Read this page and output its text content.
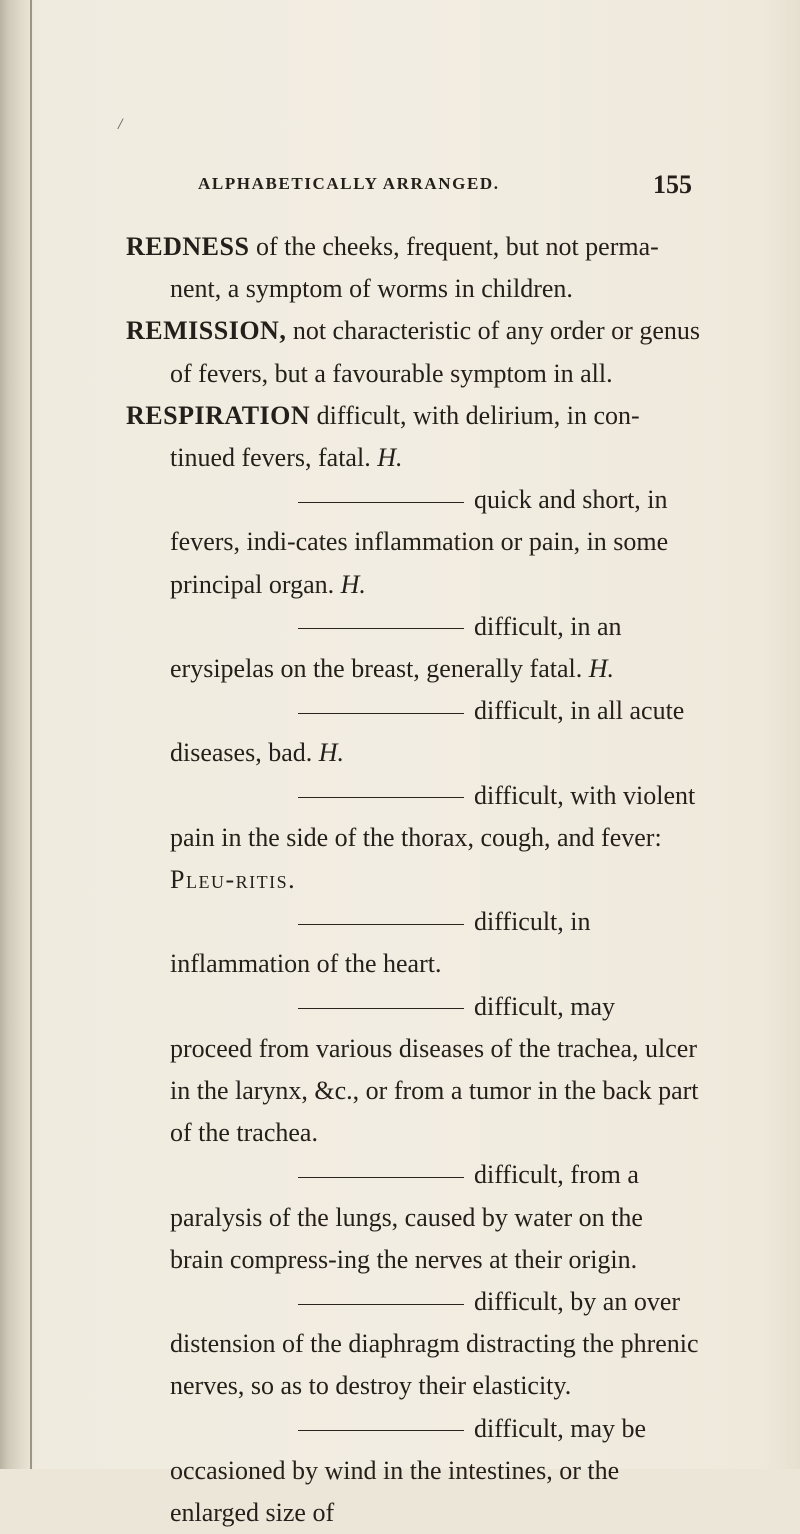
/
ALPHABETICALLY ARRANGED.	155

REDNESS of the cheeks, frequent, but not perma-nent, a symptom of worms in children.

REMISSION, not characteristic of any order or genus of fevers, but a favourable symptom in all.

RESPIRATION difficult, with delirium, in con-tinued fevers, fatal. H.

quick and short, in fevers, indi-cates inflammation or pain, in some principal organ. H.

difficult, in an erysipelas on the breast, generally fatal. H.

difficult, in all acute diseases, bad. H.

difficult, with violent pain in the side of the thorax, cough, and fever: Pleu-ritis.

difficult, in inflammation of the heart.

difficult, may proceed from various diseases of the trachea, ulcer in the larynx, &c., or from a tumor in the back part of the trachea.

difficult, from a paralysis of the lungs, caused by water on the brain compress-ing the nerves at their origin.

difficult, by an over distension of the diaphragm distracting the phrenic nerves, so as to destroy their elasticity.

difficult, may be occasioned by wind in the intestines, or the enlarged size of
